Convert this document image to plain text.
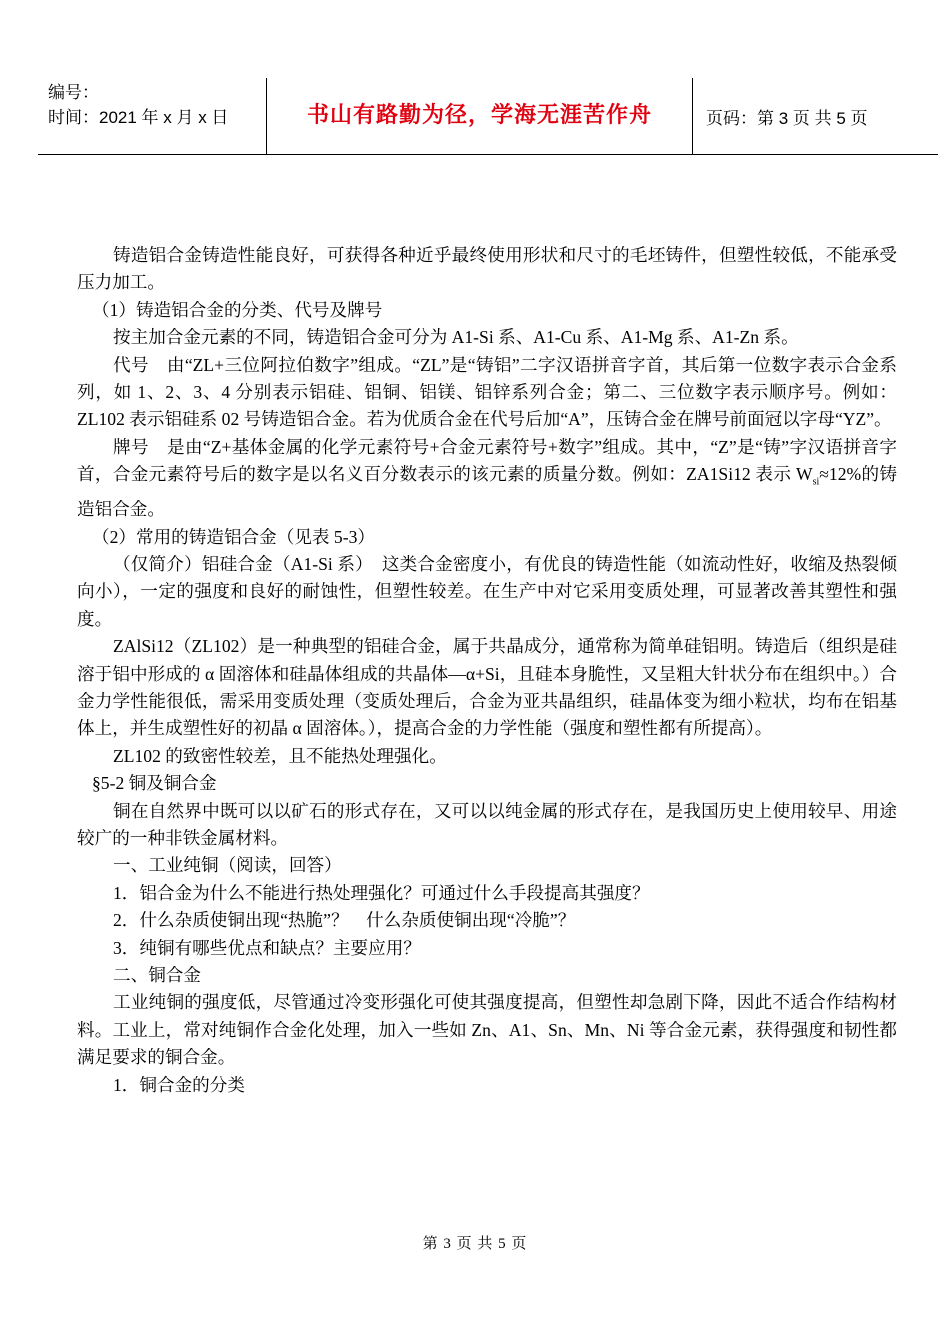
编号：
时间：2021 年 x 月 x 日	书山有路勤为径，学海无涯苦作舟	页码：第 3 页 共 5 页

铸造铝合金铸造性能良好，可获得各种近乎最终使用形状和尺寸的毛坯铸件，但塑性较低，不能承受压力加工。

（1）铸造铝合金的分类、代号及牌号

按主加合金元素的不同，铸造铝合金可分为 A1-Si 系、A1-Cu 系、A1-Mg 系、A1-Zn 系。

代号　由“ZL+三位阿拉伯数字”组成。“ZL”是“铸铝”二字汉语拼音字首，其后第一位数字表示合金系列，如 1、2、3、4 分别表示铝硅、铝铜、铝镁、铝锌系列合金；第二、三位数字表示顺序号。例如：ZL102 表示铝硅系 02 号铸造铝合金。若为优质合金在代号后加“A”，压铸合金在牌号前面冠以字母“YZ”。

牌号　是由“Z+基体金属的化学元素符号+合金元素符号+数字”组成。其中，“Z”是“铸”字汉语拼音字首，合金元素符号后的数字是以名义百分数表示的该元素的质量分数。例如：ZA1Si12 表示 $W_{si}\approx 12\%$的铸造铝合金。

（2）常用的铸造铝合金（见表 5-3）

（仅简介）铝硅合金（A1-Si 系）　这类合金密度小，有优良的铸造性能（如流动性好，收缩及热裂倾向小），一定的强度和良好的耐蚀性，但塑性较差。在生产中对它采用变质处理，可显著改善其塑性和强度。

ZAlSi12（ZL102）是一种典型的铝硅合金，属于共晶成分，通常称为简单硅铝明。铸造后（组织是硅溶于铝中形成的 α 固溶体和硅晶体组成的共晶体—α+Si，且硅本身脆性，又呈粗大针状分布在组织中。）合金力学性能很低，需采用变质处理（变质处理后，合金为亚共晶组织，硅晶体变为细小粒状，均布在铝基体上，并生成塑性好的初晶 α 固溶体。），提高合金的力学性能（强度和塑性都有所提高）。

ZL102 的致密性较差，且不能热处理强化。

§5-2 铜及铜合金

铜在自然界中既可以以矿石的形式存在，又可以以纯金属的形式存在，是我国历史上使用较早、用途较广的一种非铁金属材料。

一、工业纯铜（阅读，回答）

1．铝合金为什么不能进行热处理强化？可通过什么手段提高其强度？

2．什么杂质使铜出现“热脆”？　什么杂质使铜出现“冷脆”？

3．纯铜有哪些优点和缺点？主要应用？

二、铜合金

工业纯铜的强度低，尽管通过冷变形强化可使其强度提高，但塑性却急剧下降，因此不适合作结构材料。工业上，常对纯铜作合金化处理，加入一些如 Zn、A1、Sn、Mn、Ni 等合金元素，获得强度和韧性都满足要求的铜合金。

1．铜合金的分类

第 3 页 共 5 页
